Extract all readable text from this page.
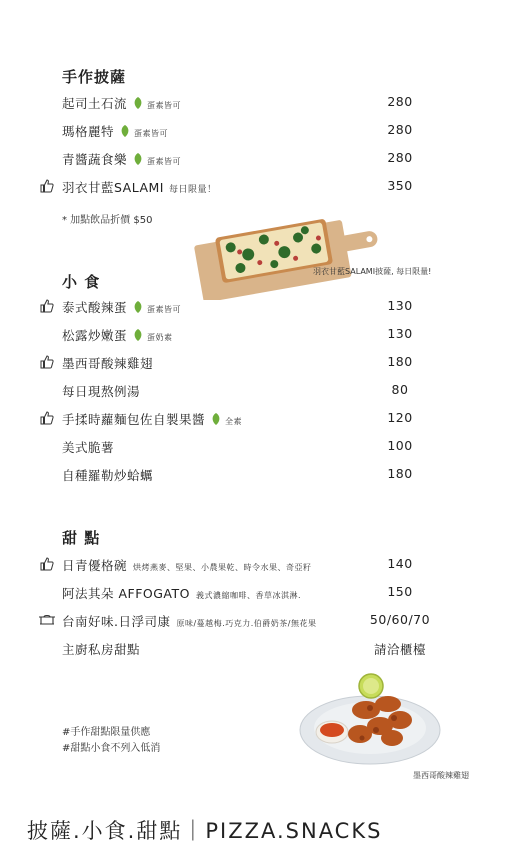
手作披薩
起司土石流	蛋素皆可	280
瑪格麗特	蛋素皆可	280
青醬蔬食樂	蛋素皆可	280
羽衣甘藍SALAMI 每日限量！	350
* 加點飲品折價 $50
羽衣甘藍SALAMI披薩, 每日限量!
小 食
泰式酸辣蛋	蛋素皆可	130
松露炒嫩蛋	蛋奶素	130
墨西哥酸辣雞翅	180
每日現熬例湯	80
手揉時蘿麵包佐自製果醬	全素	120
美式脆薯	100
自種羅勒炒蛤蠣	180
甜 點
日青優格碗 烘烤燕麥、堅果、小農果乾、時令水果、奇亞籽	140
阿法其朵 AFFOGATO 義式濃縮咖啡、香草冰淇淋.	150
台南好味.日浮司康 原味/蔓越梅.巧克力.伯爵奶茶/無花果	50/60/70
主廚私房甜點	請洽櫃檯
#手作甜點限量供應
#甜點小食不列入低消
墨西哥酸辣雞翅
披薩.小食.甜點｜PIZZA.SNACKS
